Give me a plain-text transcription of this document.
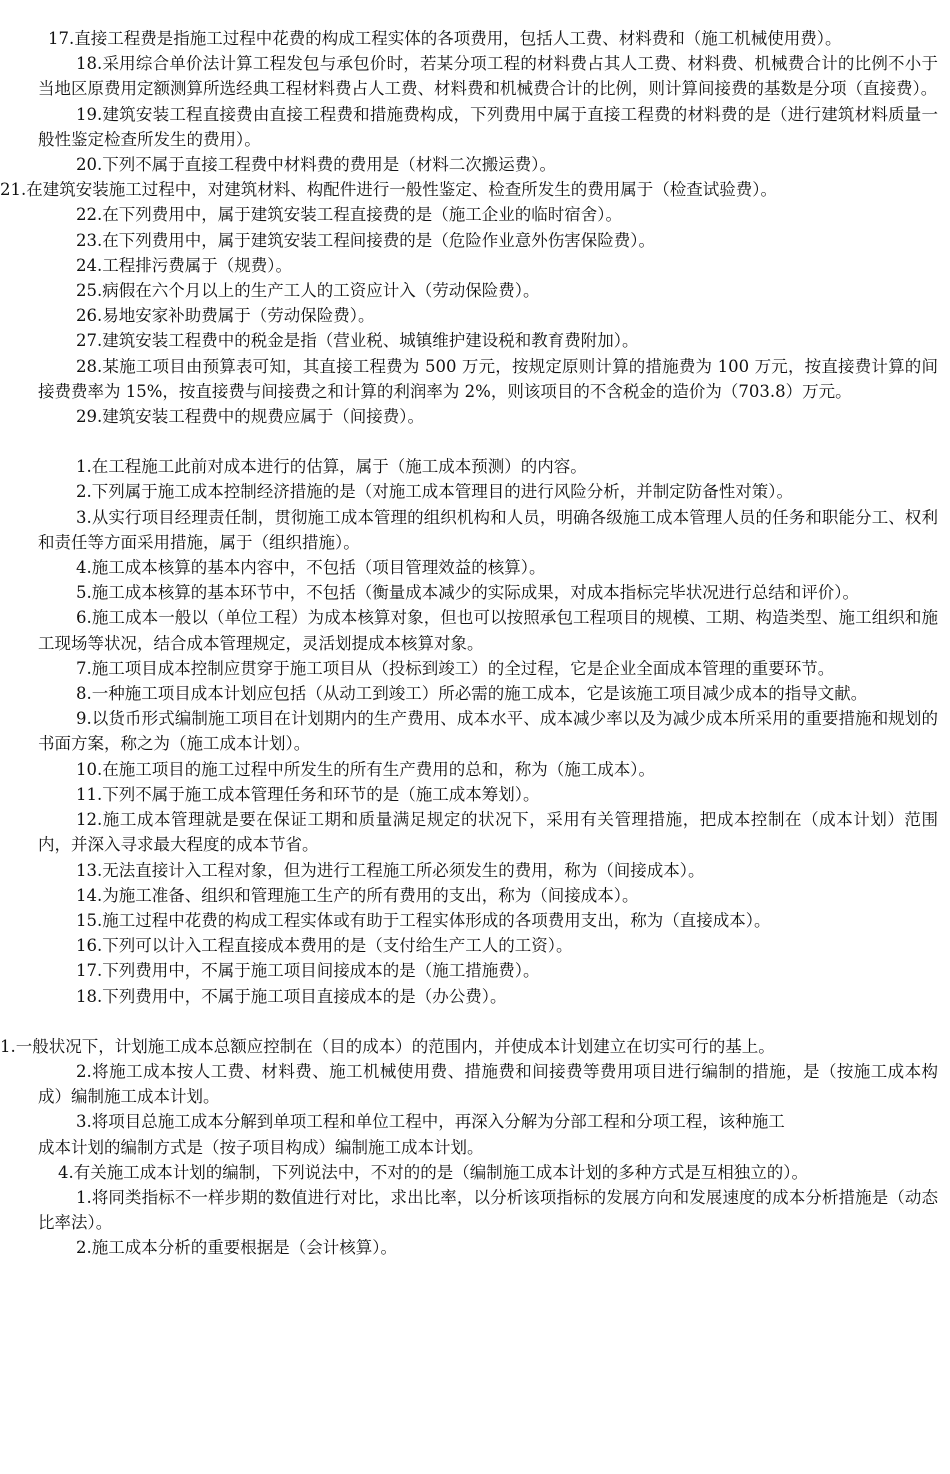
17.直接工程费是指施工过程中花费的构成工程实体的各项费用，包括人工费、材料费和（施工机械使用费）。

18.采用综合单价法计算工程发包与承包价时，若某分项工程的材料费占其人工费、材料费、机械费合计的比例不小于当地区原费用定额测算所选经典工程材料费占人工费、材料费和机械费合计的比例，则计算间接费的基数是分项（直接费）。

19.建筑安装工程直接费由直接工程费和措施费构成，下列费用中属于直接工程费的材料费的是（进行建筑材料质量一般性鉴定检查所发生的费用）。

20.下列不属于直接工程费中材料费的费用是（材料二次搬运费）。

21.在建筑安装施工过程中，对建筑材料、构配件进行一般性鉴定、检查所发生的费用属于（检查试验费）。

22.在下列费用中，属于建筑安装工程直接费的是（施工企业的临时宿舍）。

23.在下列费用中，属于建筑安装工程间接费的是（危险作业意外伤害保险费）。

24.工程排污费属于（规费）。

25.病假在六个月以上的生产工人的工资应计入（劳动保险费）。

26.易地安家补助费属于（劳动保险费）。

27.建筑安装工程费中的税金是指（营业税、城镇维护建设税和教育费附加）。

28.某施工项目由预算表可知，其直接工程费为 500 万元，按规定原则计算的措施费为 100 万元，按直接费计算的间接费费率为 15%，按直接费与间接费之和计算的利润率为 2%，则该项目的不含税金的造价为（703.8）万元。

29.建筑安装工程费中的规费应属于（间接费）。

1.在工程施工此前对成本进行的估算，属于（施工成本预测）的内容。

2.下列属于施工成本控制经济措施的是（对施工成本管理目的进行风险分析，并制定防备性对策）。

3.从实行项目经理责任制，贯彻施工成本管理的组织机构和人员，明确各级施工成本管理人员的任务和职能分工、权利和责任等方面采用措施，属于（组织措施）。

4.施工成本核算的基本内容中，不包括（项目管理效益的核算）。

5.施工成本核算的基本环节中，不包括（衡量成本减少的实际成果，对成本指标完毕状况进行总结和评价）。

6.施工成本一般以（单位工程）为成本核算对象，但也可以按照承包工程项目的规模、工期、构造类型、施工组织和施工现场等状况，结合成本管理规定，灵活划提成本核算对象。

7.施工项目成本控制应贯穿于施工项目从（投标到竣工）的全过程，它是企业全面成本管理的重要环节。

8.一种施工项目成本计划应包括（从动工到竣工）所必需的施工成本，它是该施工项目减少成本的指导文献。

9.以货币形式编制施工项目在计划期内的生产费用、成本水平、成本减少率以及为减少成本所采用的重要措施和规划的书面方案，称之为（施工成本计划）。

10.在施工项目的施工过程中所发生的所有生产费用的总和，称为（施工成本）。

11.下列不属于施工成本管理任务和环节的是（施工成本筹划）。

12.施工成本管理就是要在保证工期和质量满足规定的状况下，采用有关管理措施，把成本控制在（成本计划）范围内，并深入寻求最大程度的成本节省。

13.无法直接计入工程对象，但为进行工程施工所必须发生的费用，称为（间接成本）。

14.为施工准备、组织和管理施工生产的所有费用的支出，称为（间接成本）。

15.施工过程中花费的构成工程实体或有助于工程实体形成的各项费用支出，称为（直接成本）。

16.下列可以计入工程直接成本费用的是（支付给生产工人的工资）。

17.下列费用中，不属于施工项目间接成本的是（施工措施费）。

18.下列费用中，不属于施工项目直接成本的是（办公费）。

1.一般状况下，计划施工成本总额应控制在（目的成本）的范围内，并使成本计划建立在切实可行的基上。

2.将施工成本按人工费、材料费、施工机械使用费、措施费和间接费等费用项目进行编制的措施，是（按施工成本构成）编制施工成本计划。

3.将项目总施工成本分解到单项工程和单位工程中，再深入分解为分部工程和分项工程，该种施工

成本计划的编制方式是（按子项目构成）编制施工成本计划。

4.有关施工成本计划的编制，下列说法中，不对的的是（编制施工成本计划的多种方式是互相独立的）。

1.将同类指标不一样步期的数值进行对比，求出比率，以分析该项指标的发展方向和发展速度的成本分析措施是（动态比率法）。

2.施工成本分析的重要根据是（会计核算）。
